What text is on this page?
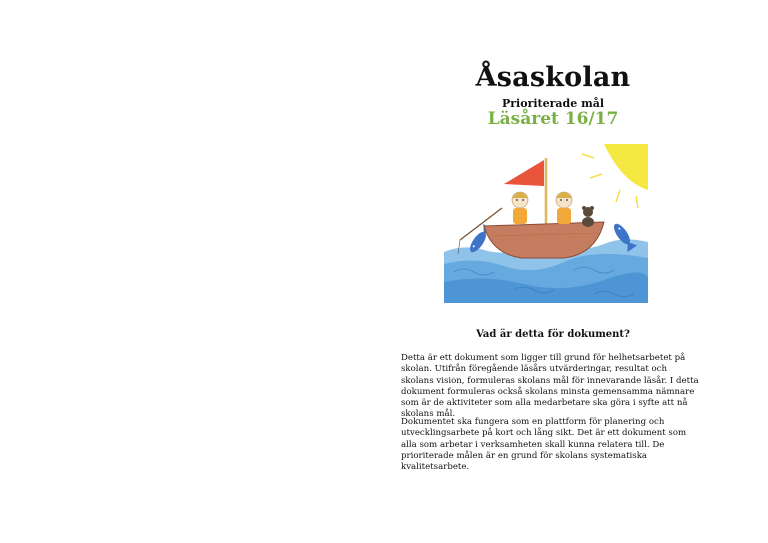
Åsaskolan
Prioriterade mål
Läsåret 16/17
Vad är detta för dokument?

Detta är ett dokument som ligger till grund för helhetsarbetet på skolan. Utifrån föregående läsårs utvärderingar, resultat och skolans vision, formuleras skolans mål för innevarande läsår. I detta dokument formuleras också skolans minsta gemensamma nämnare som är de aktiviteter som alla medarbetare ska göra i syfte att nå skolans mål.

Dokumentet ska fungera som en plattform för planering och utvecklingsarbete på kort och lång sikt. Det är ett dokument som alla som arbetar i verksamheten skall kunna relatera till. De prioriterade målen är en grund för skolans systematiska kvalitetsarbete.
